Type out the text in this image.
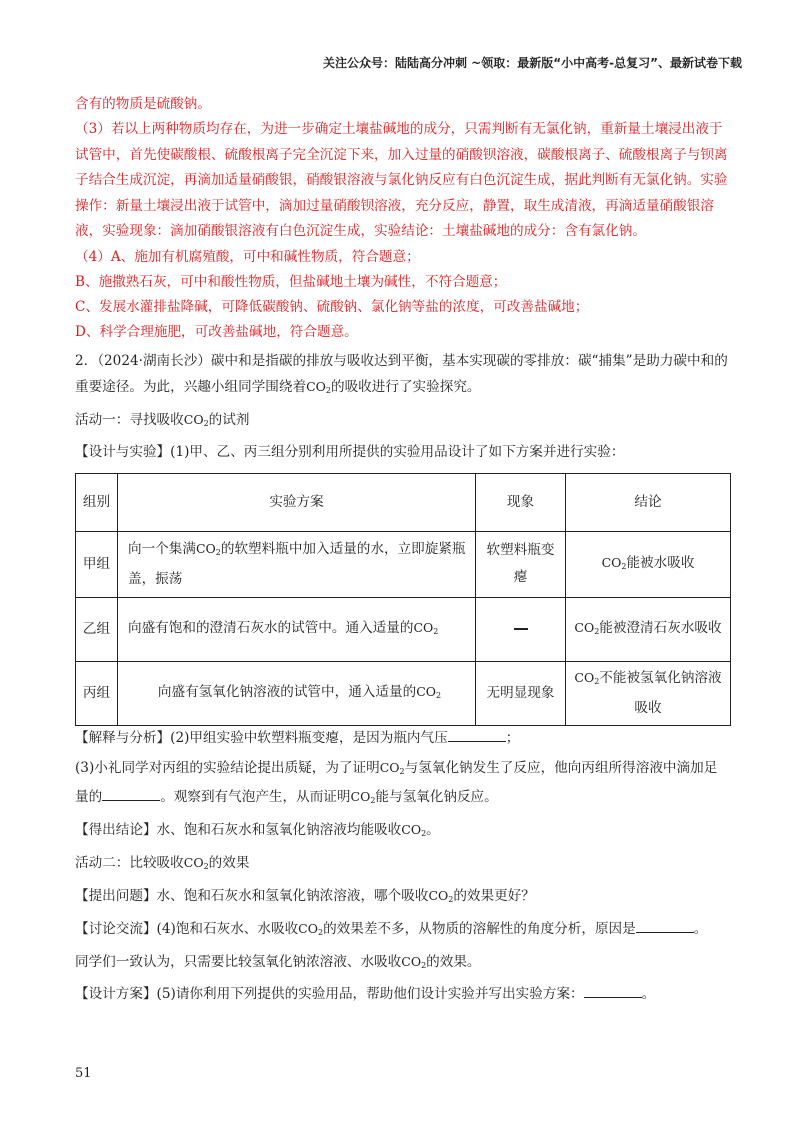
关注公众号：陆陆高分冲刺 ~领取：最新版“小中高考-总复习”、最新试卷下载

含有的物质是硫酸钠。

（3）若以上两种物质均存在，为进一步确定土壤盐碱地的成分，只需判断有无氯化钠，重新量土壤浸出液于试管中，首先使碳酸根、硫酸根离子完全沉淀下来，加入过量的硝酸钡溶液，碳酸根离子、硫酸根离子与钡离子结合生成沉淀，再滴加适量硝酸银，硝酸银溶液与氯化钠反应有白色沉淀生成，据此判断有无氯化钠。实验操作：新量土壤浸出液于试管中，滴加过量硝酸钡溶液，充分反应，静置，取生成清液，再滴适量硝酸银溶液，实验现象：滴加硝酸银溶液有白色沉淀生成，实验结论：土壤盐碱地的成分：含有氯化钠。

（4）A、施加有机腐殖酸，可中和碱性物质，符合题意；

B、施撒熟石灰，可中和酸性物质，但盐碱地土壤为碱性，不符合题意；

C、发展水灌排盐降碱，可降低碳酸钠、硫酸钠、氯化钠等盐的浓度，可改善盐碱地；

D、科学合理施肥，可改善盐碱地，符合题意。

2．（2024·湖南长沙）碳中和是指碳的排放与吸收达到平衡，基本实现碳的零排放：碳“捕集”是助力碳中和的重要途径。为此，兴趣小组同学围绕着$CO_2$的吸收进行了实验探究。

活动一：寻找吸收$CO_2$的试剂

【设计与实验】(1)甲、乙、丙三组分别利用所提供的实验用品设计了如下方案并进行实验：

组别	实验方案	现象	结论
甲组	向一个集满$CO_2$的软塑料瓶中加入适量的水，立即旋紧瓶盖，振荡	软塑料瓶变瘪	$CO_2$能被水吸收
乙组	向盛有饱和的澄清石灰水的试管中。通入适量的$CO_2$		$CO_2$能被澄清石灰水吸收
丙组	向盛有氢氧化钠溶液的试管中，通入适量的$CO_2$	无明显现象	$CO_2$不能被氢氧化钠溶液吸收

【解释与分析】(2)甲组实验中软塑料瓶变瘪，是因为瓶内气压	；

(3)小礼同学对丙组的实验结论提出质疑，为了证明$CO_2$与氢氧化钠发生了反应，他向丙组所得溶液中滴加足量的	。观察到有气泡产生，从而证明$CO_2$能与氢氧化钠反应。

【得出结论】水、饱和石灰水和氢氧化钠溶液均能吸收$CO_2$。

活动二：比较吸收$CO_2$的效果

【提出问题】水、饱和石灰水和氢氧化钠浓溶液，哪个吸收$CO_2$的效果更好？

【讨论交流】(4)饱和石灰水、水吸收$CO_2$的效果差不多，从物质的溶解性的角度分析，原因是	。

同学们一致认为，只需要比较氢氧化钠浓溶液、水吸收$CO_2$的效果。

【设计方案】(5)请你利用下列提供的实验用品，帮助他们设计实验并写出实验方案：	。

51
